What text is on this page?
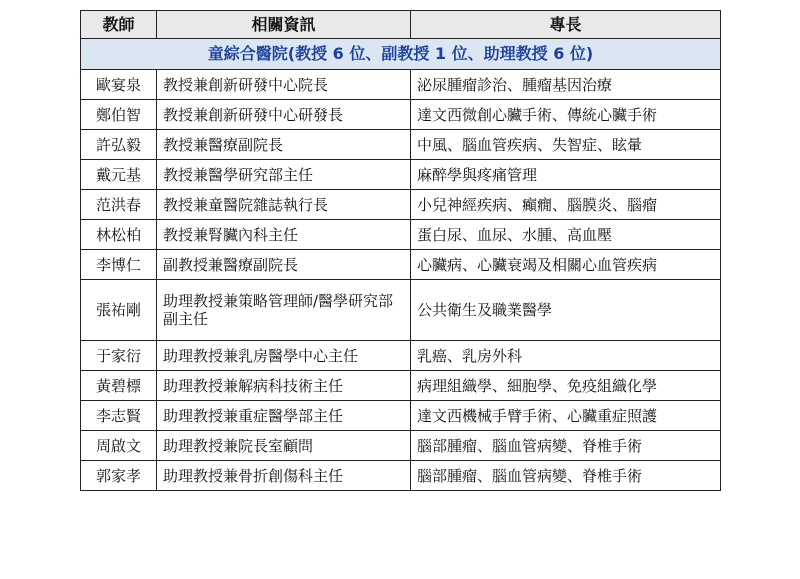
教師	相關資訊	專長
童綜合醫院(教授 6 位、副教授 1 位、助理教授 6 位)		
歐宴泉	教授兼創新研發中心院長	泌尿腫瘤診治、腫瘤基因治療
鄭伯智	教授兼創新研發中心研發長	達文西微創心臟手術、傳統心臟手術
許弘毅	教授兼醫療副院長	中風、腦血管疾病、失智症、眩暈
戴元基	教授兼醫學研究部主任	麻醉學與疼痛管理
范洪春	教授兼童醫院雜誌執行長	小兒神經疾病、癲癇、腦膜炎、腦瘤
林松柏	教授兼腎臟內科主任	蛋白尿、血尿、水腫、高血壓
李博仁	副教授兼醫療副院長	心臟病、心臟衰竭及相關心血管疾病
張祐剛	助理教授兼策略管理師/醫學研究部副主任	公共衛生及職業醫學
于家衍	助理教授兼乳房醫學中心主任	乳癌、乳房外科
黃碧標	助理教授兼解病科技術主任	病理組織學、細胞學、免疫組織化學
李志賢	助理教授兼重症醫學部主任	達文西機械手臂手術、心臟重症照護
周啟文	助理教授兼院長室顧問	腦部腫瘤、腦血管病變、脊椎手術
郭家孝	助理教授兼骨折創傷科主任	腦部腫瘤、腦血管病變、脊椎手術
